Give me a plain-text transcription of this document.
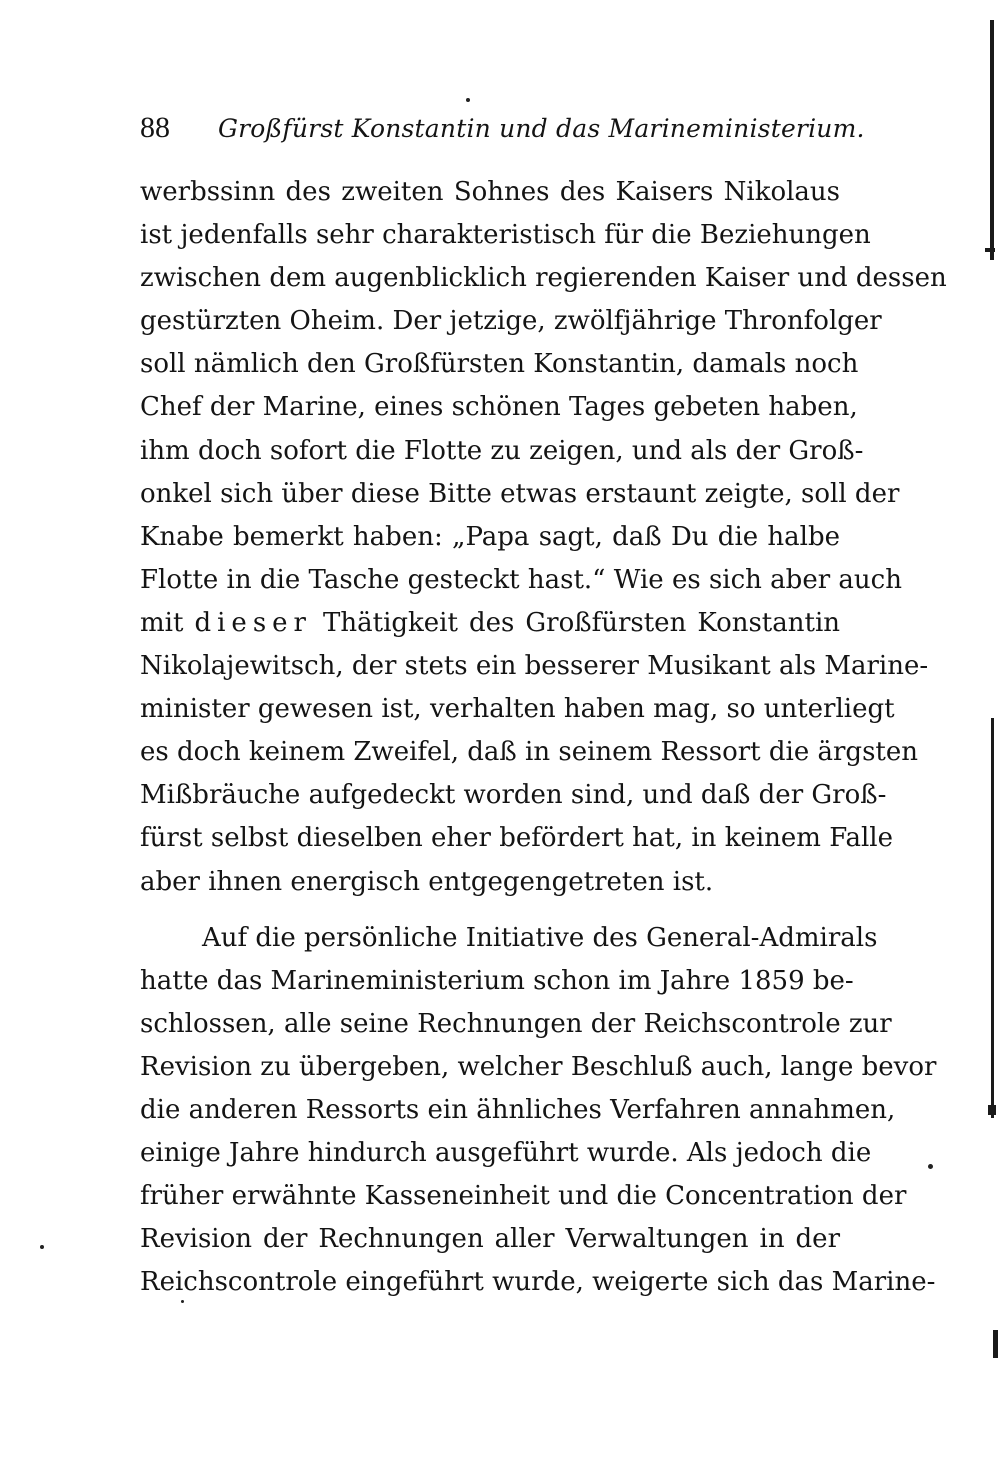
88 Großfürst Konstantin und das Marineministerium.
werbssinn des zweiten Sohnes des Kaisers Nikolaus
ist jedenfalls sehr charakteristisch für die Beziehungen
zwischen dem augenblicklich regierenden Kaiser und dessen
gestürzten Oheim. Der jetzige, zwölfjährige Thronfolger
soll nämlich den Großfürsten Konstantin, damals noch
Chef der Marine, eines schönen Tages gebeten haben,
ihm doch sofort die Flotte zu zeigen, und als der Groß-
onkel sich über diese Bitte etwas erstaunt zeigte, soll der
Knabe bemerkt haben: „Papa sagt, daß Du die halbe
Flotte in die Tasche gesteckt hast.“ Wie es sich aber auch
mit dieser Thätigkeit des Großfürsten Konstantin
Nikolajewitsch, der stets ein besserer Musikant als Marine-
minister gewesen ist, verhalten haben mag, so unterliegt
es doch keinem Zweifel, daß in seinem Ressort die ärgsten
Mißbräuche aufgedeckt worden sind, und daß der Groß-
fürst selbst dieselben eher befördert hat, in keinem Falle
aber ihnen energisch entgegengetreten ist.
Auf die persönliche Initiative des General-Admirals
hatte das Marineministerium schon im Jahre 1859 be-
schlossen, alle seine Rechnungen der Reichscontrole zur
Revision zu übergeben, welcher Beschluß auch, lange bevor
die anderen Ressorts ein ähnliches Verfahren annahmen,
einige Jahre hindurch ausgeführt wurde. Als jedoch die
früher erwähnte Kasseneinheit und die Concentration der
Revision der Rechnungen aller Verwaltungen in der
Reichscontrole eingeführt wurde, weigerte sich das Marine-
